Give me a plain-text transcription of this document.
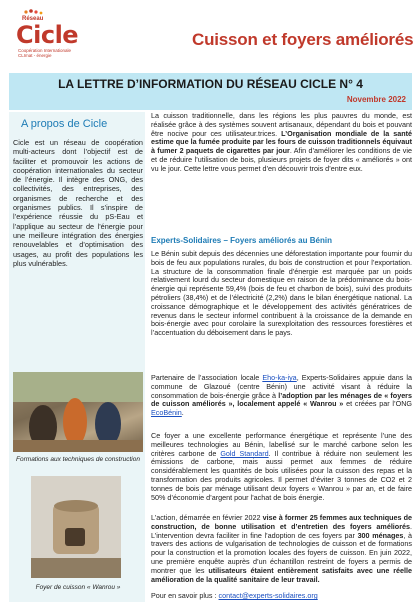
Réseau
Cicle
Coopération Internationale CLImat - énergie
Cuisson et foyers améliorés
LA LETTRE D’INFORMATION DU RÉSEAU CICLE N° 4
Novembre 2022
A propos de Cicle
Cicle est un réseau de coopération multi-acteurs dont l’objectif est de faciliter et promouvoir les actions de coopération internationales du secteur de l’énergie. Il intègre des ONG, des collectivités, des entreprises, des organismes de recherche et des organismes publics. Il s’inspire de l’expérience réussie du pS-Eau et l’applique au secteur de l’énergie pour une meilleure intégration des énergies renouvelables et d’optimisation des usages, au profit des populations les plus vulnérables.
Formations aux techniques de construction
Foyer de cuisson « Wanrou »

La cuisson traditionnelle, dans les régions les plus pauvres du monde, est réalisée grâce à des systèmes souvent artisanaux, dépendant du bois et pouvant être nocive pour ces utilisateur.trices. L’Organisation mondiale de la santé estime que la fumée produite par les fours de cuisson traditionnels équivaut à fumer 2 paquets de cigarettes par jour. Afin d’améliorer les conditions de vie et de réduire l’utilisation de bois, plusieurs projets de foyer dits « améliorés » ont vu le jour. Cette lettre vous permet d’en découvrir trois d’entre eux.

Experts-Solidaires – Foyers améliorés au Bénin

Le Bénin subit depuis des décennies une déforestation importante pour fournir du bois de feu aux populations rurales, du bois de construction et pour l’exportation. La structure de la consommation finale d’énergie est marquée par un poids relativement lourd du secteur domestique en raison de la prédominance du bois-énergie qui représente 59,4% (bois de feu et charbon de bois), suivi des produits pétroliers (38,4%) et de l’électricité (2,2%) dans le bilan énergétique national. La croissance démographique et le développement des activités génératrices de revenus dans le secteur informel contribuent à la croissance de la demande en bois-énergie avec pour corolaire la surexploitation des ressources forestières et l’accentuation du déboisement dans le pays.

Partenaire de l’association locale Eho-ka-iya, Experts-Solidaires appuie dans la commune de Glazoué (centre Bénin) une activité visant à réduire la consommation de bois-énergie grâce à l’adoption par les ménages de « foyers de cuisson améliorés », localement appelé « Wanrou » et créées par l’ONG EcoBénin.

Ce foyer a une excellente performance énergétique et représente l’une des meilleures technologies au Bénin, labellisé sur le marché carbone selon les critères carbone de Gold Standard. Il contribue à réduire non seulement les émissions de carbone, mais aussi permet aux femmes de réduire considérablement les quantités de bois utilisées pour la cuisson des repas et la transformation des produits agricoles. Il permet d’éviter 3 tonnes de CO2 et 2 tonnes de bois par ménage utilisant deux foyers « Wanrou » par an, et de faire 50% d’économie d’argent pour l’achat de bois énergie.

L’action, démarrée en février 2022 vise à former 25 femmes aux techniques de construction, de bonne utilisation et d’entretien des foyers améliorés. L’intervention devra faciliter in fine l’adoption de ces foyers par 300 ménages, à travers des actions de vulgarisation de technologies de cuisson et de formations pour la construction et la promotion locales des foyers de cuisson. En juin 2022, une première enquête auprès d’un échantillon restreint de foyers a permis de montrer que les utilisateurs étaient entièrement satisfaits avec une réelle amélioration de la qualité sanitaire de leur travail.

Pour en savoir plus : contact@experts-solidaires.org
